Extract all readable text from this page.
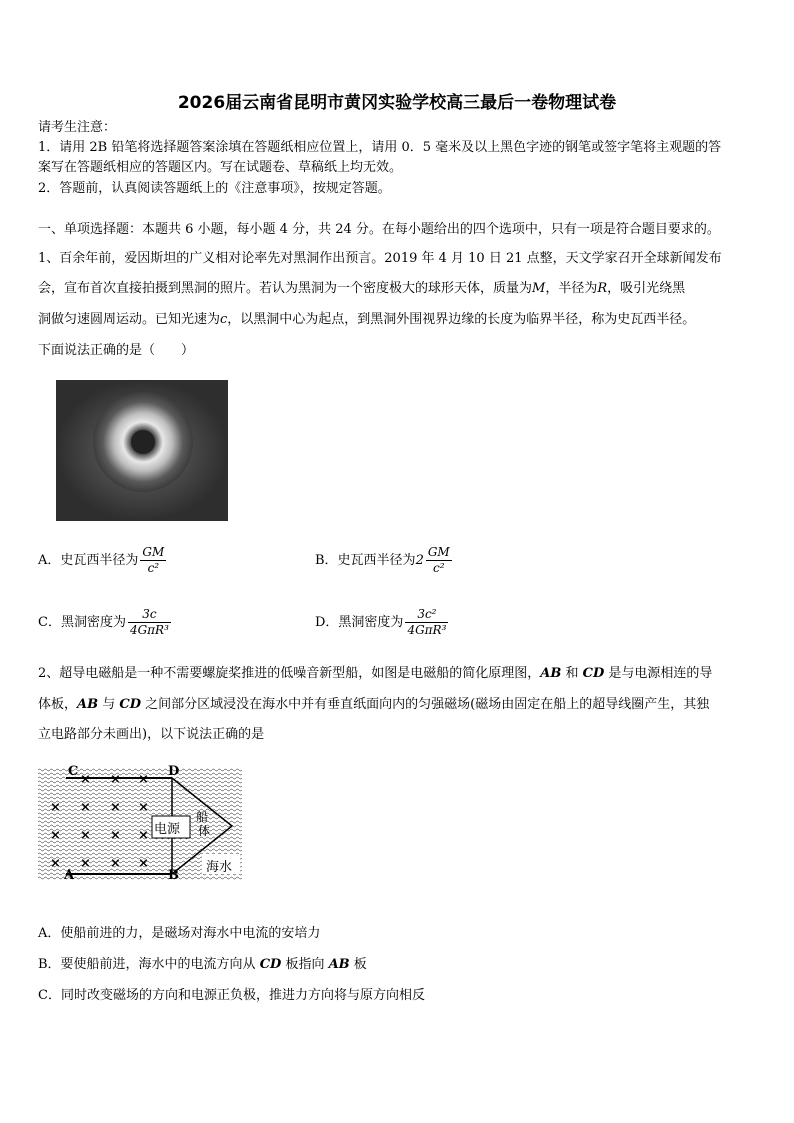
2026届云南省昆明市黄冈实验学校高三最后一卷物理试卷
请考生注意：
1．请用 2B 铅笔将选择题答案涂填在答题纸相应位置上，请用 0．5 毫米及以上黑色字迹的钢笔或签字笔将主观题的答
案写在答题纸相应的答题区内。写在试题卷、草稿纸上均无效。
2．答题前，认真阅读答题纸上的《注意事项》，按规定答题。
一、单项选择题：本题共 6 小题，每小题 4 分，共 24 分。在每小题给出的四个选项中，只有一项是符合题目要求的。
1、百余年前，爱因斯坦的广义相对论率先对黑洞作出预言。2019 年 4 月 10 日 21 点整，天文学家召开全球新闻发布
会，宣布首次直接拍摄到黑洞的照片。若认为黑洞为一个密度极大的球形天体，质量为M，半径为R，吸引光绕黑
洞做匀速圆周运动。已知光速为c，以黑洞中心为起点，到黑洞外围视界边缘的长度为临界半径，称为史瓦西半径。
下面说法正确的是（　　）
A．史瓦西半径为 $\frac{GM}{\text{c²}}$	B．史瓦西半径为$2 \frac{GM}{\text{c²}}$
C．黑洞密度为 $\frac{3c}{\text{4GπR³}}$	D．黑洞密度为 $\frac{\text{3c²}}{\text{4GπR³}}$
2、超导电磁船是一种不需要螺旋桨推进的低噪音新型船，如图是电磁船的简化原理图，AB 和 CD 是与电源相连的导
体板，AB 与 CD 之间部分区域浸没在海水中并有垂直纸面向内的匀强磁场(磁场由固定在船上的超导线圈产生，其独
立电路部分未画出)，以下说法正确的是
C	D
A	B
电源
船
体
海水
× × ×
× × × ×
× × × ×
× × × ×
A．使船前进的力，是磁场对海水中电流的安培力
B．要使船前进，海水中的电流方向从 CD 板指向 AB 板
C．同时改变磁场的方向和电源正负极，推进力方向将与原方向相反
